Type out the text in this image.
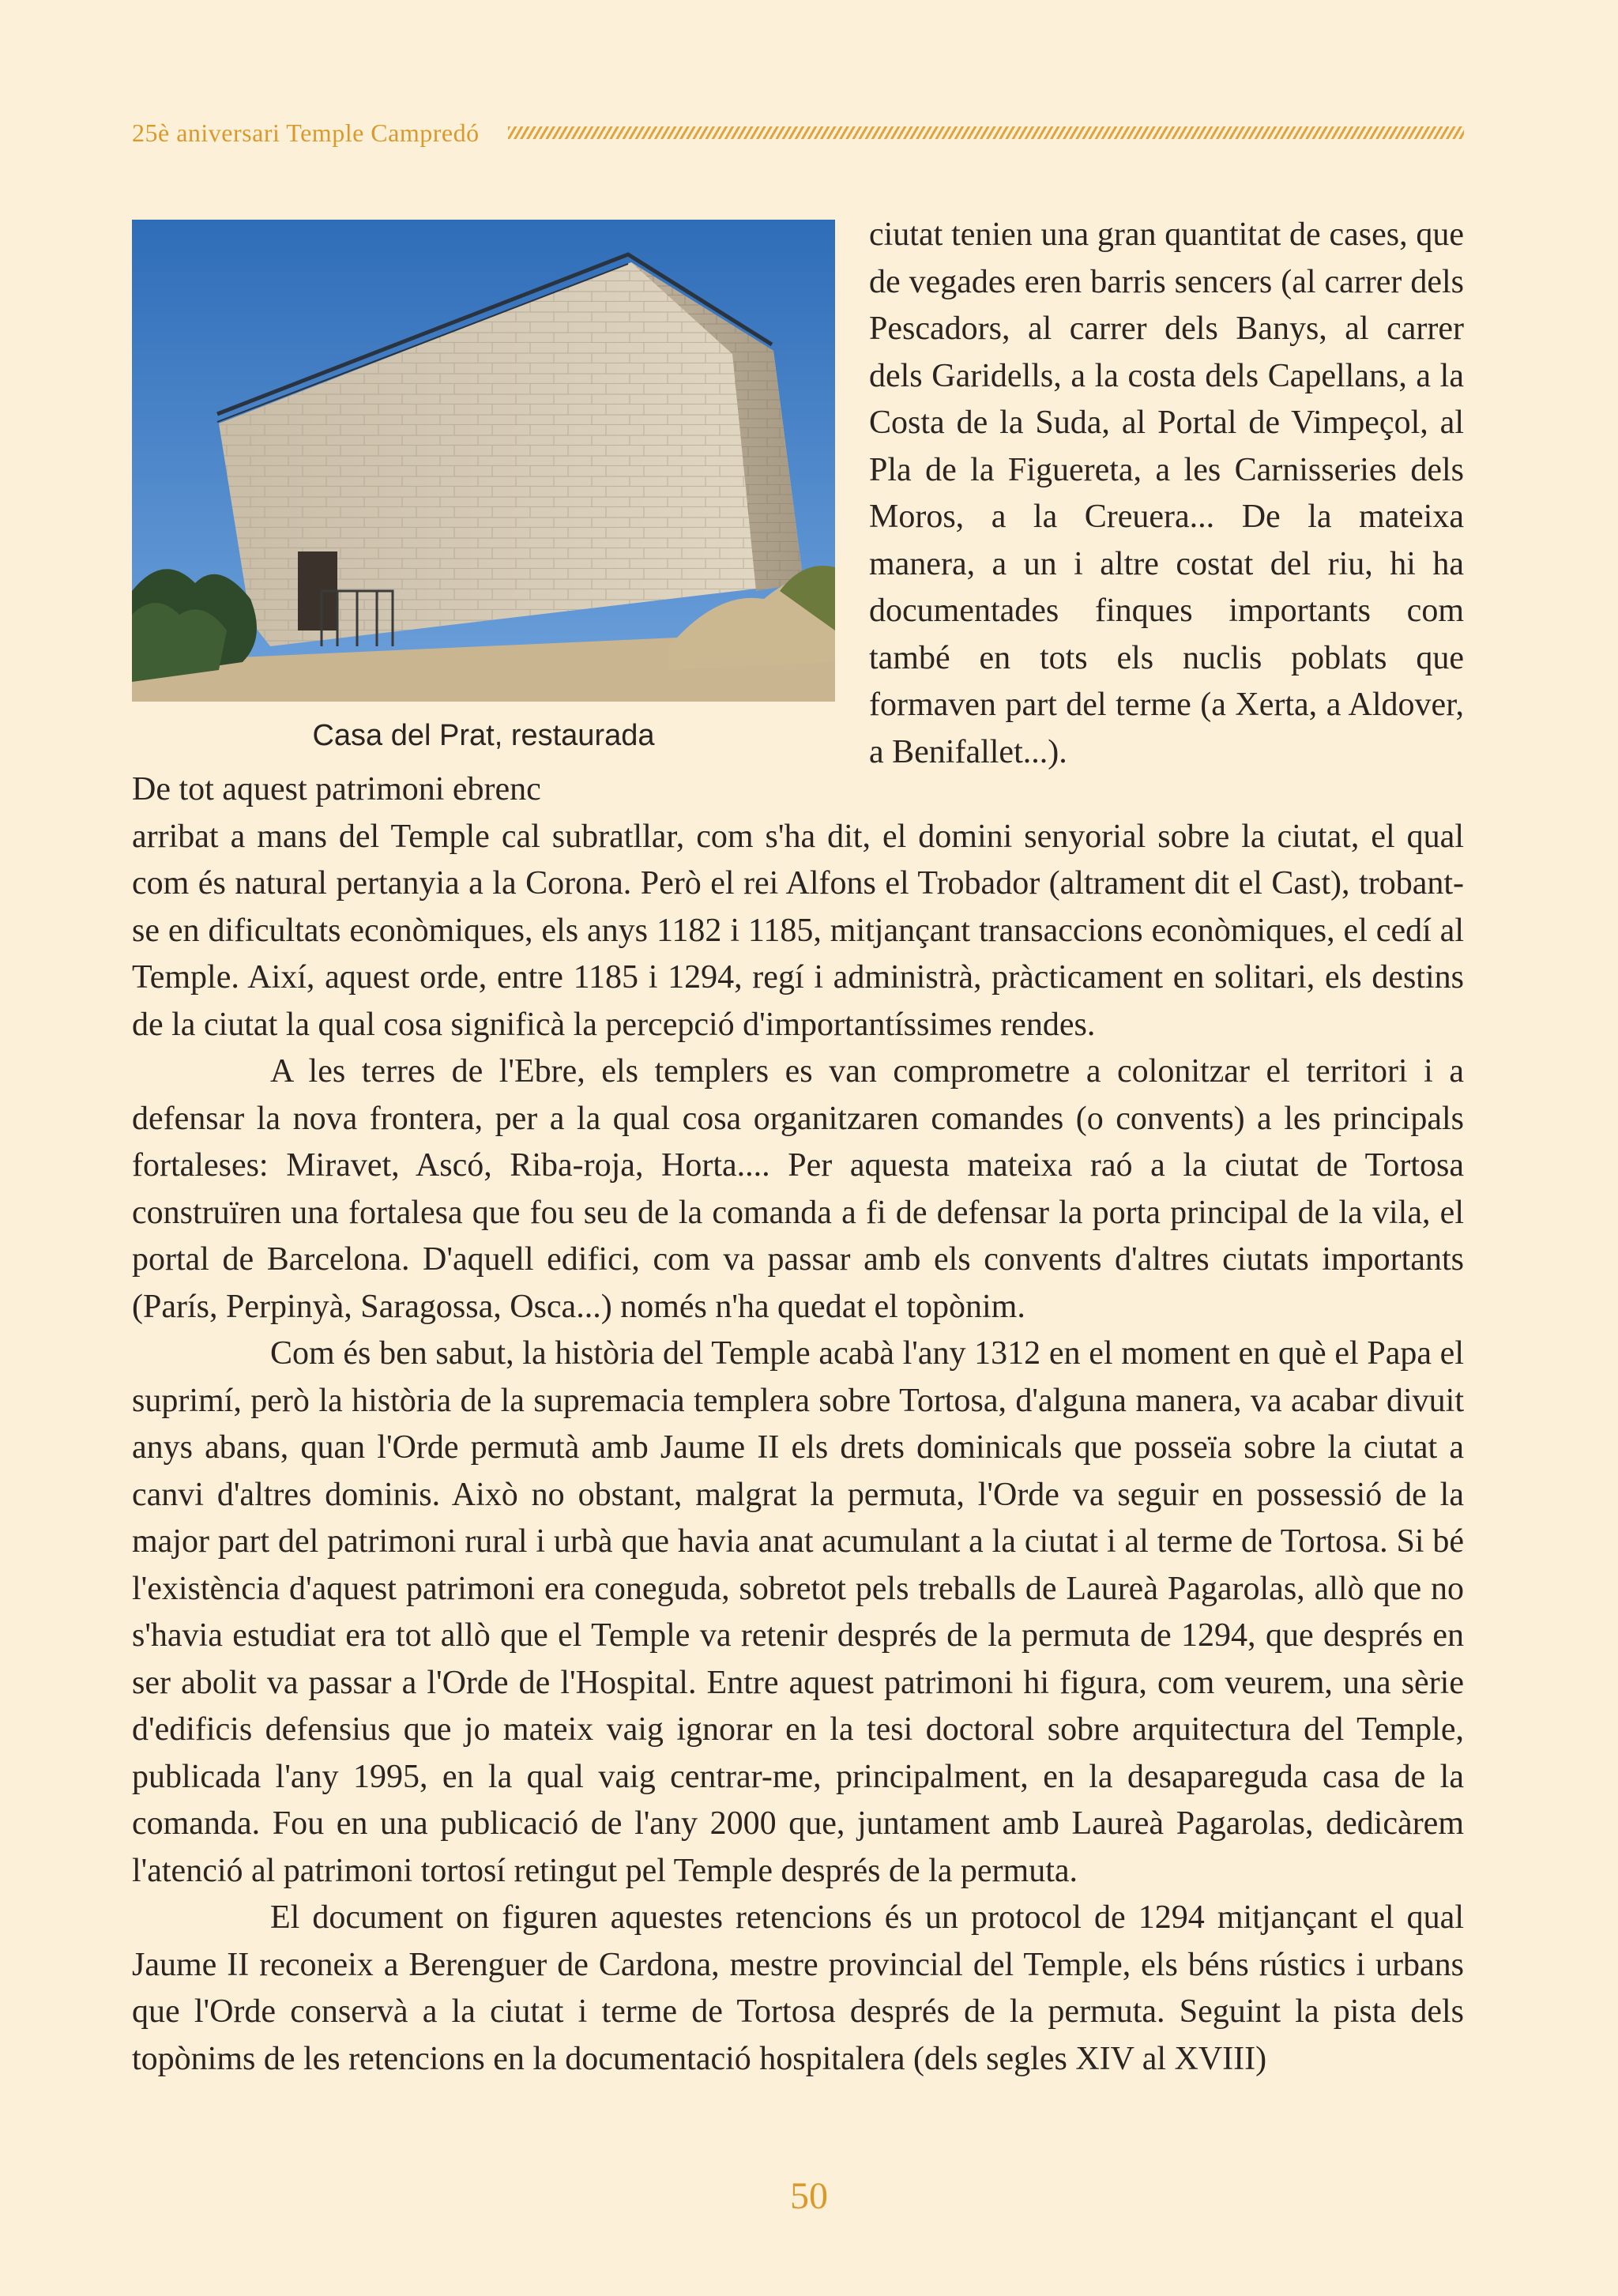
25è aniversari Temple Campredó
Casa del Prat, restaurada

ciutat tenien una gran quantitat de cases, que de vegades eren barris sencers (al carrer dels Pescadors, al carrer dels Banys, al carrer dels Garidells, a la costa dels Capellans, a la Costa de la Suda, al Portal de Vimpeçol, al Pla de la Figuereta, a les Carnisseries dels Moros, a la Creuera... De la mateixa manera, a un i altre costat del riu, hi ha documentades finques importants com també en tots els nuclis poblats que formaven part del terme (a Xerta, a Aldover, a Benifallet...).

De tot aquest patrimoni ebrenc

arribat a mans del Temple cal subratllar, com s'ha dit, el domini senyorial sobre la ciutat, el qual com és natural pertanyia a la Corona. Però el rei Alfons el Trobador (altrament dit el Cast), trobant-se en dificultats econòmiques, els anys 1182 i 1185, mitjançant transaccions econòmiques, el cedí al Temple. Així, aquest orde, entre 1185 i 1294, regí i administrà, pràcticament en solitari, els destins de la ciutat la qual cosa significà la percepció d'importantíssimes rendes.

A les terres de l'Ebre, els templers es van comprometre a colonitzar el territori i a defensar la nova frontera, per a la qual cosa organitzaren comandes (o convents) a les principals fortaleses: Miravet, Ascó, Riba-roja, Horta.... Per aquesta mateixa raó a la ciutat de Tortosa construïren una fortalesa que fou seu de la comanda a fi de defensar la porta principal de la vila, el portal de Barcelona. D'aquell edifici, com va passar amb els convents d'altres ciutats importants (París, Perpinyà, Saragossa, Osca...) només n'ha quedat el topònim.

Com és ben sabut, la història del Temple acabà l'any 1312 en el moment en què el Papa el suprimí, però la història de la supremacia templera sobre Tortosa, d'alguna manera, va acabar divuit anys abans, quan l'Orde permutà amb Jaume II els drets dominicals que posseïa sobre la ciutat a canvi d'altres dominis. Això no obstant, malgrat la permuta, l'Orde va seguir en possessió de la major part del patrimoni rural i urbà que havia anat acumulant a la ciutat i al terme de Tortosa. Si bé l'existència d'aquest patrimoni era coneguda, sobretot pels treballs de Laureà Pagarolas, allò que no s'havia estudiat era tot allò que el Temple va retenir després de la permuta de 1294, que després en ser abolit va passar a l'Orde de l'Hospital. Entre aquest patrimoni hi figura, com veurem, una sèrie d'edificis defensius que jo mateix vaig ignorar en la tesi doctoral sobre arquitectura del Temple, publicada l'any 1995, en la qual vaig centrar-me, principalment, en la desapareguda casa de la comanda. Fou en una publicació de l'any 2000 que, juntament amb Laureà Pagarolas, dedicàrem l'atenció al patrimoni tortosí retingut pel Temple després de la permuta.

El document on figuren aquestes retencions és un protocol de 1294 mitjançant el qual Jaume II reconeix a Berenguer de Cardona, mestre provincial del Temple, els béns rústics i urbans que l'Orde conservà a la ciutat i terme de Tortosa després de la permuta. Seguint la pista dels topònims de les retencions en la documentació hospitalera (dels segles XIV al XVIII)

50
